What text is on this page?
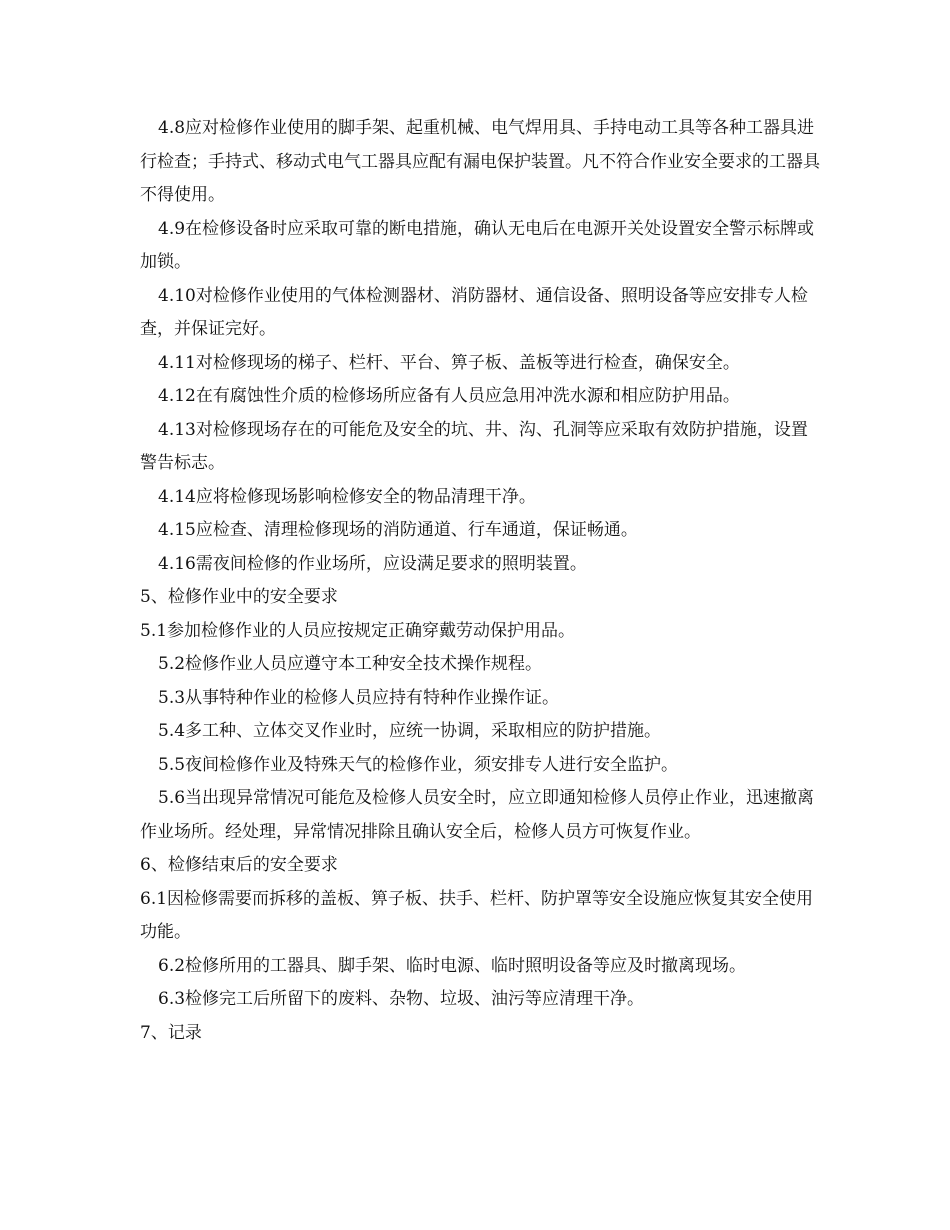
4.8应对检修作业使用的脚手架、起重机械、电气焊用具、手持电动工具等各种工器具进行检查；手持式、移动式电气工器具应配有漏电保护装置。凡不符合作业安全要求的工器具不得使用。

4.9在检修设备时应采取可靠的断电措施，确认无电后在电源开关处设置安全警示标牌或加锁。

4.10对检修作业使用的气体检测器材、消防器材、通信设备、照明设备等应安排专人检查，并保证完好。

4.11对检修现场的梯子、栏杆、平台、箅子板、盖板等进行检查，确保安全。

4.12在有腐蚀性介质的检修场所应备有人员应急用冲洗水源和相应防护用品。

4.13对检修现场存在的可能危及安全的坑、井、沟、孔洞等应采取有效防护措施，设置警告标志。

4.14应将检修现场影响检修安全的物品清理干净。

4.15应检查、清理检修现场的消防通道、行车通道，保证畅通。

4.16需夜间检修的作业场所，应设满足要求的照明装置。

5、检修作业中的安全要求

5.1参加检修作业的人员应按规定正确穿戴劳动保护用品。

5.2检修作业人员应遵守本工种安全技术操作规程。

5.3从事特种作业的检修人员应持有特种作业操作证。

5.4多工种、立体交叉作业时，应统一协调，采取相应的防护措施。

5.5夜间检修作业及特殊天气的检修作业，须安排专人进行安全监护。

5.6当出现异常情况可能危及检修人员安全时，应立即通知检修人员停止作业，迅速撤离作业场所。经处理，异常情况排除且确认安全后，检修人员方可恢复作业。

6、检修结束后的安全要求

6.1因检修需要而拆移的盖板、箅子板、扶手、栏杆、防护罩等安全设施应恢复其安全使用功能。

6.2检修所用的工器具、脚手架、临时电源、临时照明设备等应及时撤离现场。

6.3检修完工后所留下的废料、杂物、垃圾、油污等应清理干净。

7、记录
